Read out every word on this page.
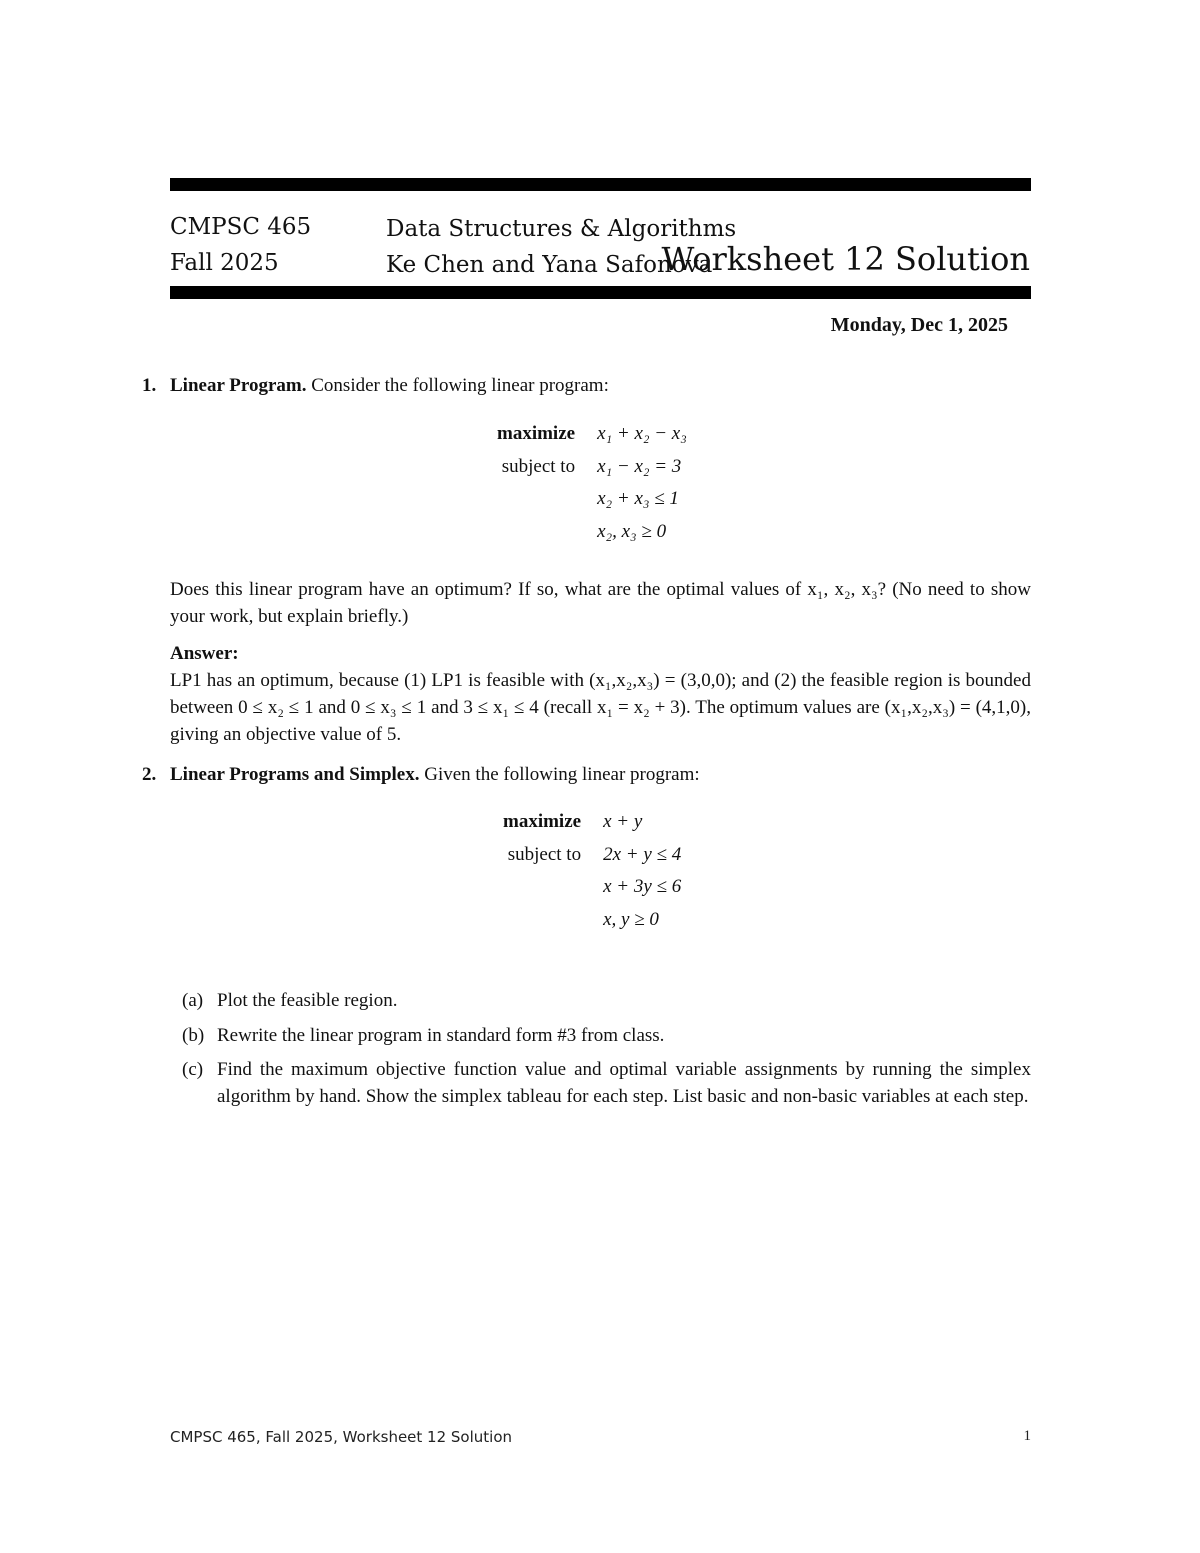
CMPSC 465	Data Structures & Algorithms
Fall 2025	Ke Chen and Yana Safonova
Worksheet 12 Solution
Monday, Dec 1, 2025
1. Linear Program. Consider the following linear program:
maximize	x₁ + x₂ − x₃
subject to	x₁ − x₂ = 3
	x₂ + x₃ ≤ 1
	x₂, x₃ ≥ 0

Does this linear program have an optimum? If so, what are the optimal values of x₁, x₂, x₃? (No need to show your work, but explain briefly.)

Answer:

LP1 has an optimum, because (1) LP1 is feasible with (x₁,x₂,x₃) = (3,0,0); and (2) the feasible region is bounded between 0 ≤ x₂ ≤ 1 and 0 ≤ x₃ ≤ 1 and 3 ≤ x₁ ≤ 4 (recall x₁ = x₂ + 3). The optimum values are (x₁,x₂,x₃) = (4,1,0), giving an objective value of 5.

2. Linear Programs and Simplex. Given the following linear program:
maximize	x + y
subject to	2x + y ≤ 4
	x + 3y ≤ 6
	x, y ≥ 0
(a) Plot the feasible region.
(b) Rewrite the linear program in standard form #3 from class.
(c) Find the maximum objective function value and optimal variable assignments by running the simplex algorithm by hand. Show the simplex tableau for each step. List basic and non-basic variables at each step.
CMPSC 465, Fall 2025, Worksheet 12 Solution	1
